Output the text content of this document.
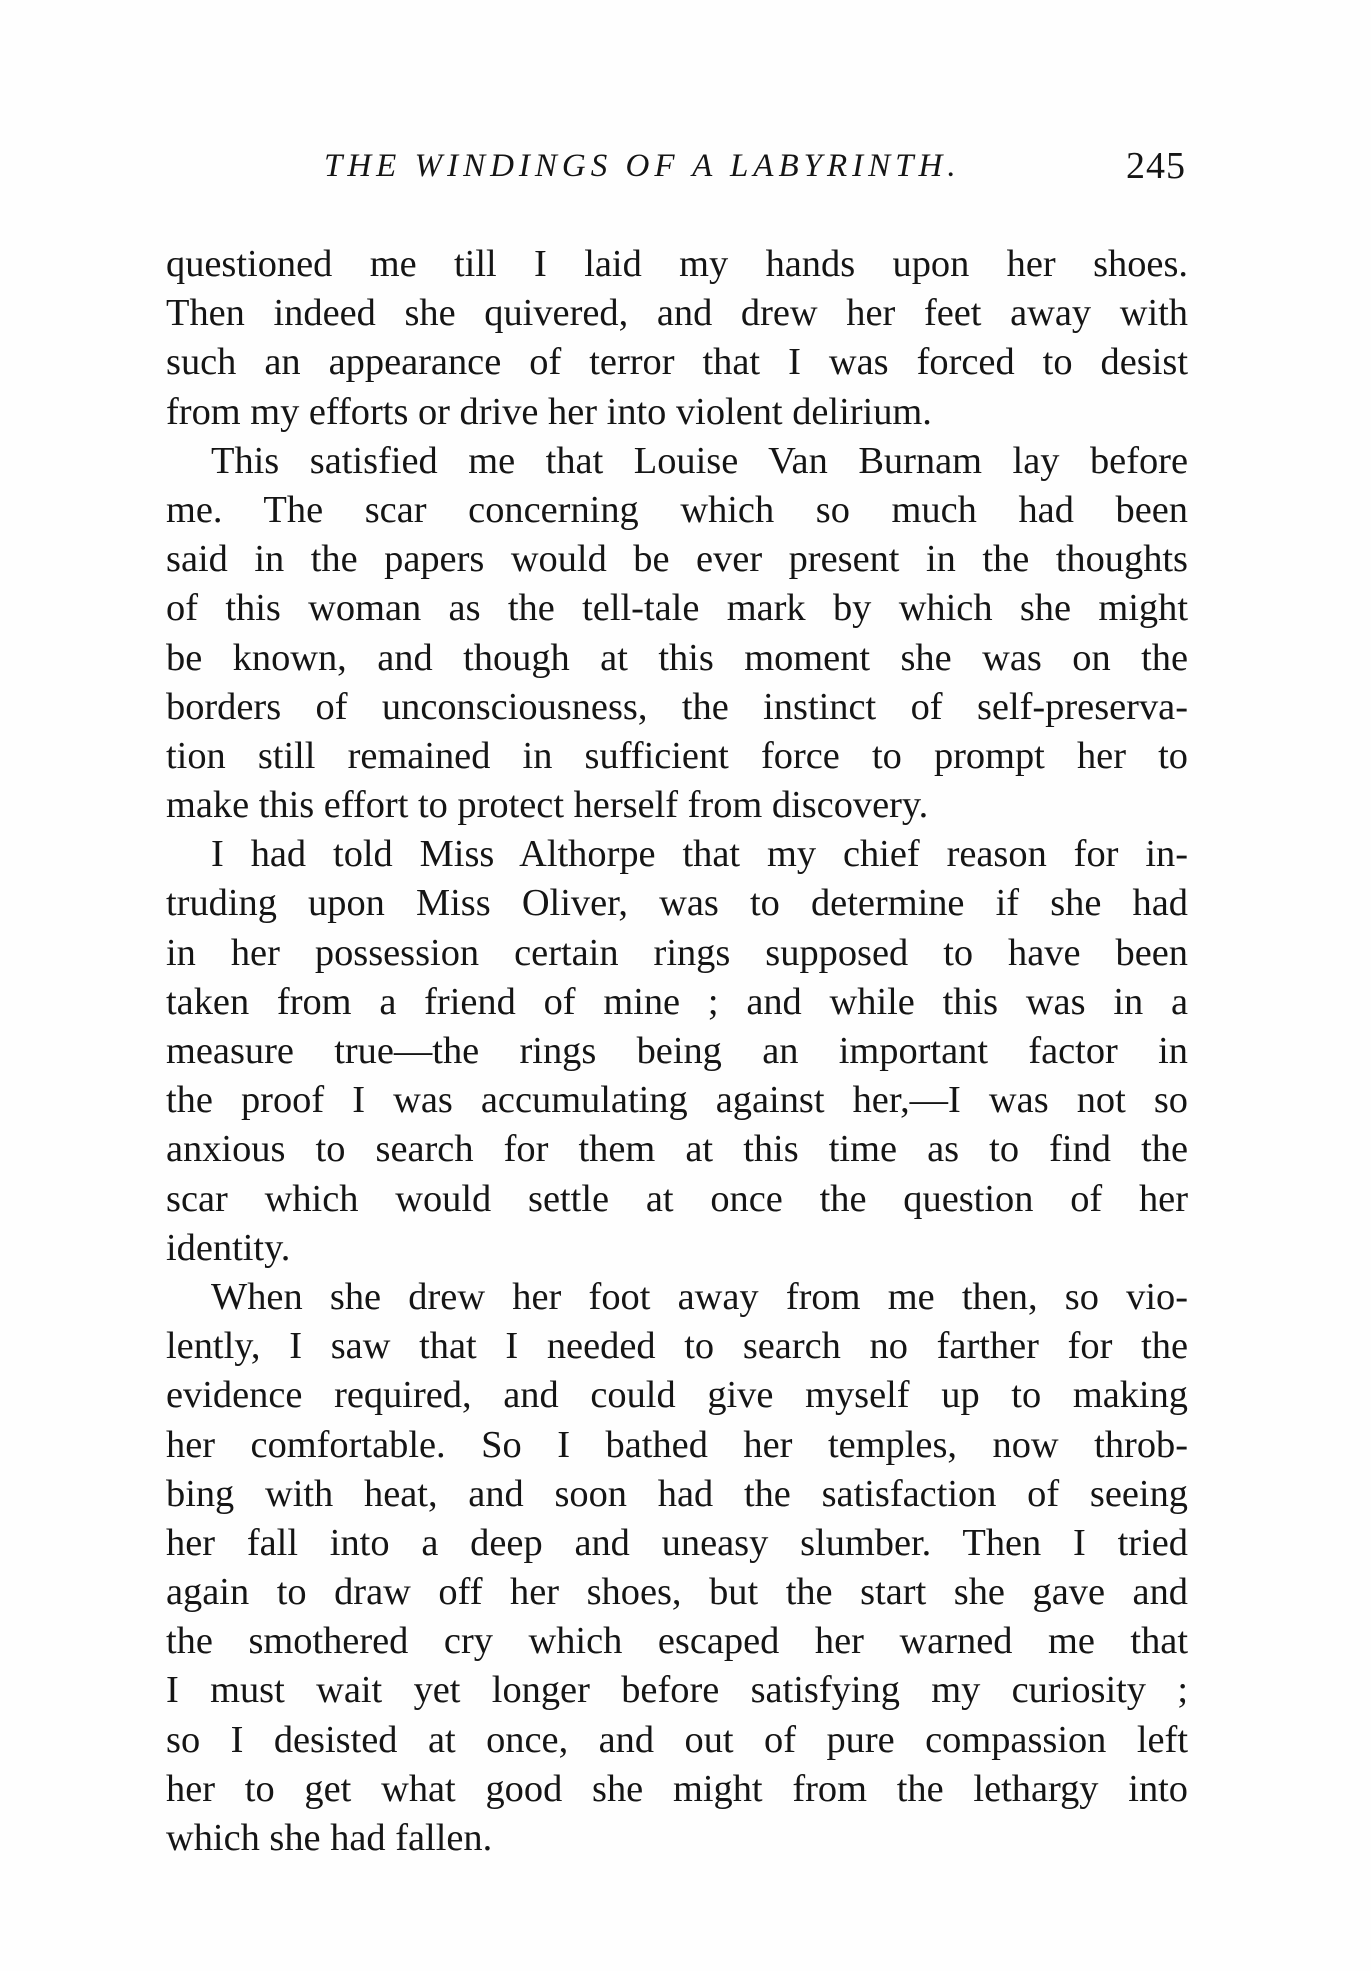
THE WINDINGS OF A LABYRINTH.	245
questioned me till I laid my hands upon her shoes.
Then indeed she quivered, and drew her feet away with
such an appearance of terror that I was forced to desist
from my efforts or drive her into violent delirium.
This satisfied me that Louise Van Burnam lay before
me. The scar concerning which so much had been
said in the papers would be ever present in the thoughts
of this woman as the tell-tale mark by which she might
be known, and though at this moment she was on the
borders of unconsciousness, the instinct of self-preserva-
tion still remained in sufficient force to prompt her to
make this effort to protect herself from discovery.
I had told Miss Althorpe that my chief reason for in-
truding upon Miss Oliver, was to determine if she had
in her possession certain rings supposed to have been
taken from a friend of mine ; and while this was in a
measure true—the rings being an important factor in
the proof I was accumulating against her,—I was not so
anxious to search for them at this time as to find the
scar which would settle at once the question of her
identity.
When she drew her foot away from me then, so vio-
lently, I saw that I needed to search no farther for the
evidence required, and could give myself up to making
her comfortable. So I bathed her temples, now throb-
bing with heat, and soon had the satisfaction of seeing
her fall into a deep and uneasy slumber. Then I tried
again to draw off her shoes, but the start she gave and
the smothered cry which escaped her warned me that
I must wait yet longer before satisfying my curiosity ;
so I desisted at once, and out of pure compassion left
her to get what good she might from the lethargy into
which she had fallen.
